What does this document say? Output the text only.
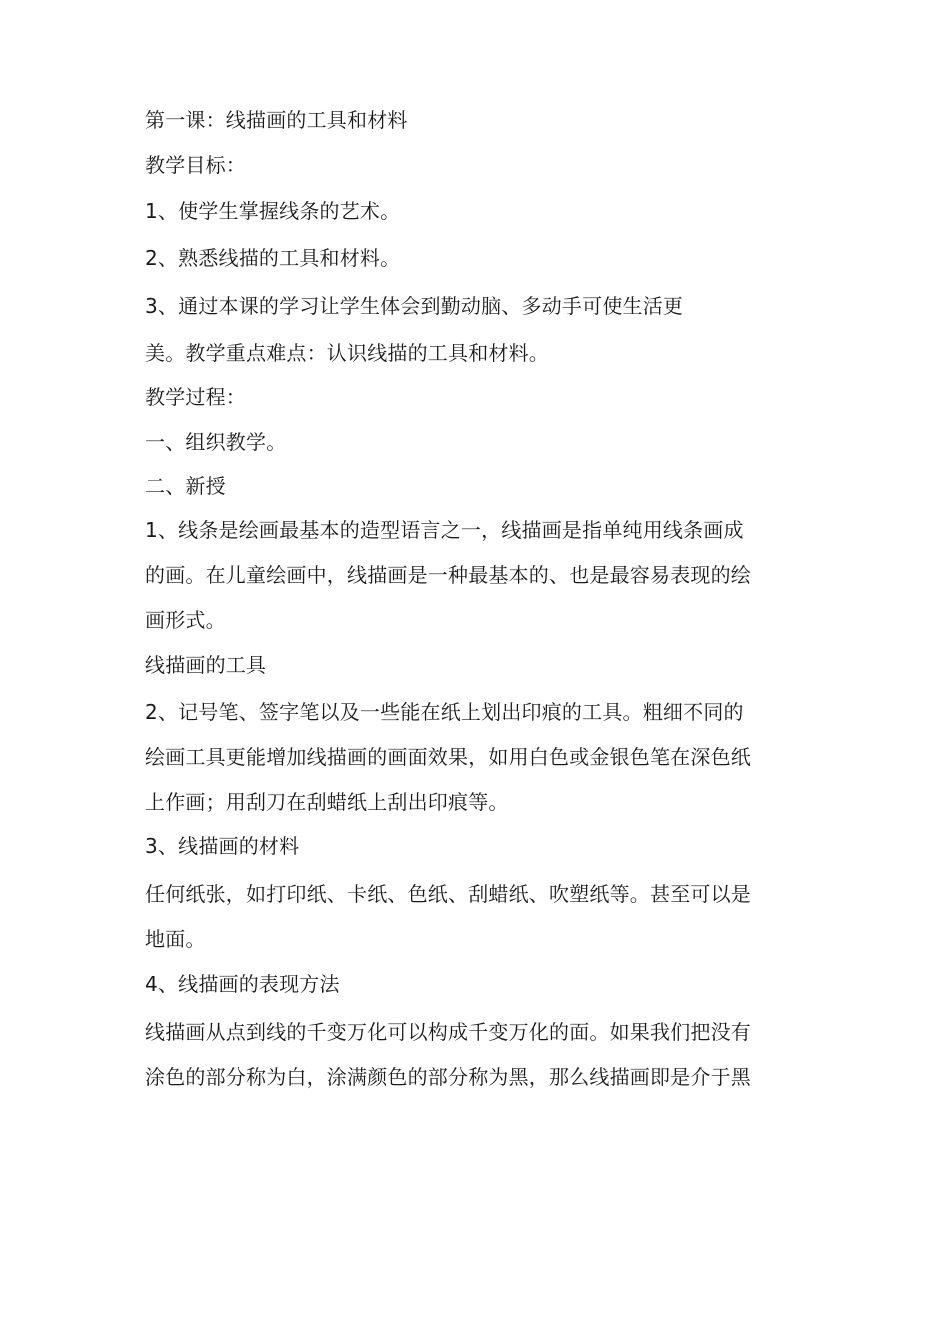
第一课：线描画的工具和材料
教学目标：
1、使学生掌握线条的艺术。
2、熟悉线描的工具和材料。
3、通过本课的学习让学生体会到勤动脑、多动手可使生活更
美。教学重点难点：认识线描的工具和材料。
教学过程：
一、组织教学。
二、新授
1、线条是绘画最基本的造型语言之一，线描画是指单纯用线条画成
的画。在儿童绘画中，线描画是一种最基本的、也是最容易表现的绘
画形式。
线描画的工具
2、记号笔、签字笔以及一些能在纸上划出印痕的工具。粗细不同的
绘画工具更能增加线描画的画面效果，如用白色或金银色笔在深色纸
上作画；用刮刀在刮蜡纸上刮出印痕等。
3、线描画的材料
任何纸张，如打印纸、卡纸、色纸、刮蜡纸、吹塑纸等。甚至可以是
地面。
4、线描画的表现方法
线描画从点到线的千变万化可以构成千变万化的面。如果我们把没有
涂色的部分称为白，涂满颜色的部分称为黑，那么线描画即是介于黑
